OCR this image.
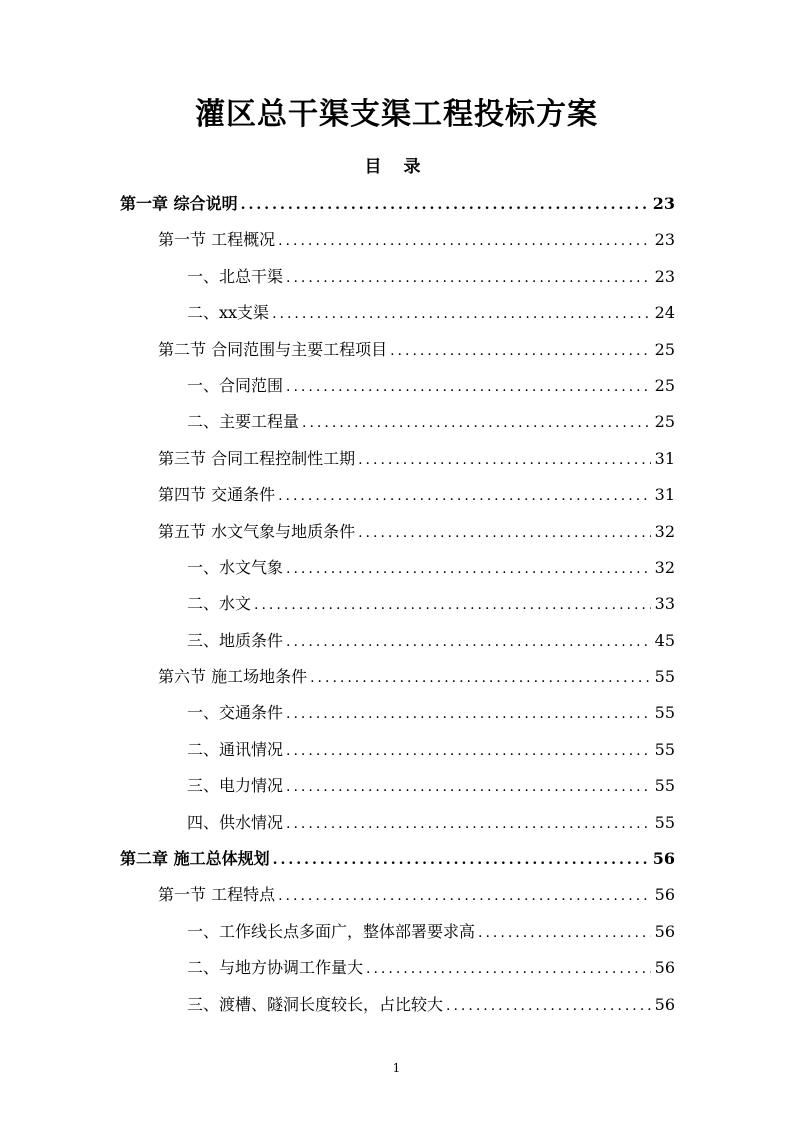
灌区总干渠支渠工程投标方案
目 录
第一章 综合说明 .....	23
第一节 工程概况 .....	23
一、北总干渠 .....	23
二、xx支渠 .....	24
第二节 合同范围与主要工程项目 .....	25
一、合同范围 .....	25
二、主要工程量 .....	25
第三节 合同工程控制性工期 .....	31
第四节 交通条件 .....	31
第五节 水文气象与地质条件 .....	32
一、水文气象 .....	32
二、水文 .....	33
三、地质条件 .....	45
第六节 施工场地条件 .....	55
一、交通条件 .....	55
二、通讯情况 .....	55
三、电力情况 .....	55
四、供水情况 .....	55
第二章 施工总体规划 .....	56
第一节 工程特点 .....	56
一、工作线长点多面广，整体部署要求高 .....	56
二、与地方协调工作量大 .....	56
三、渡槽、隧洞长度较长，占比较大 .....	56
1
